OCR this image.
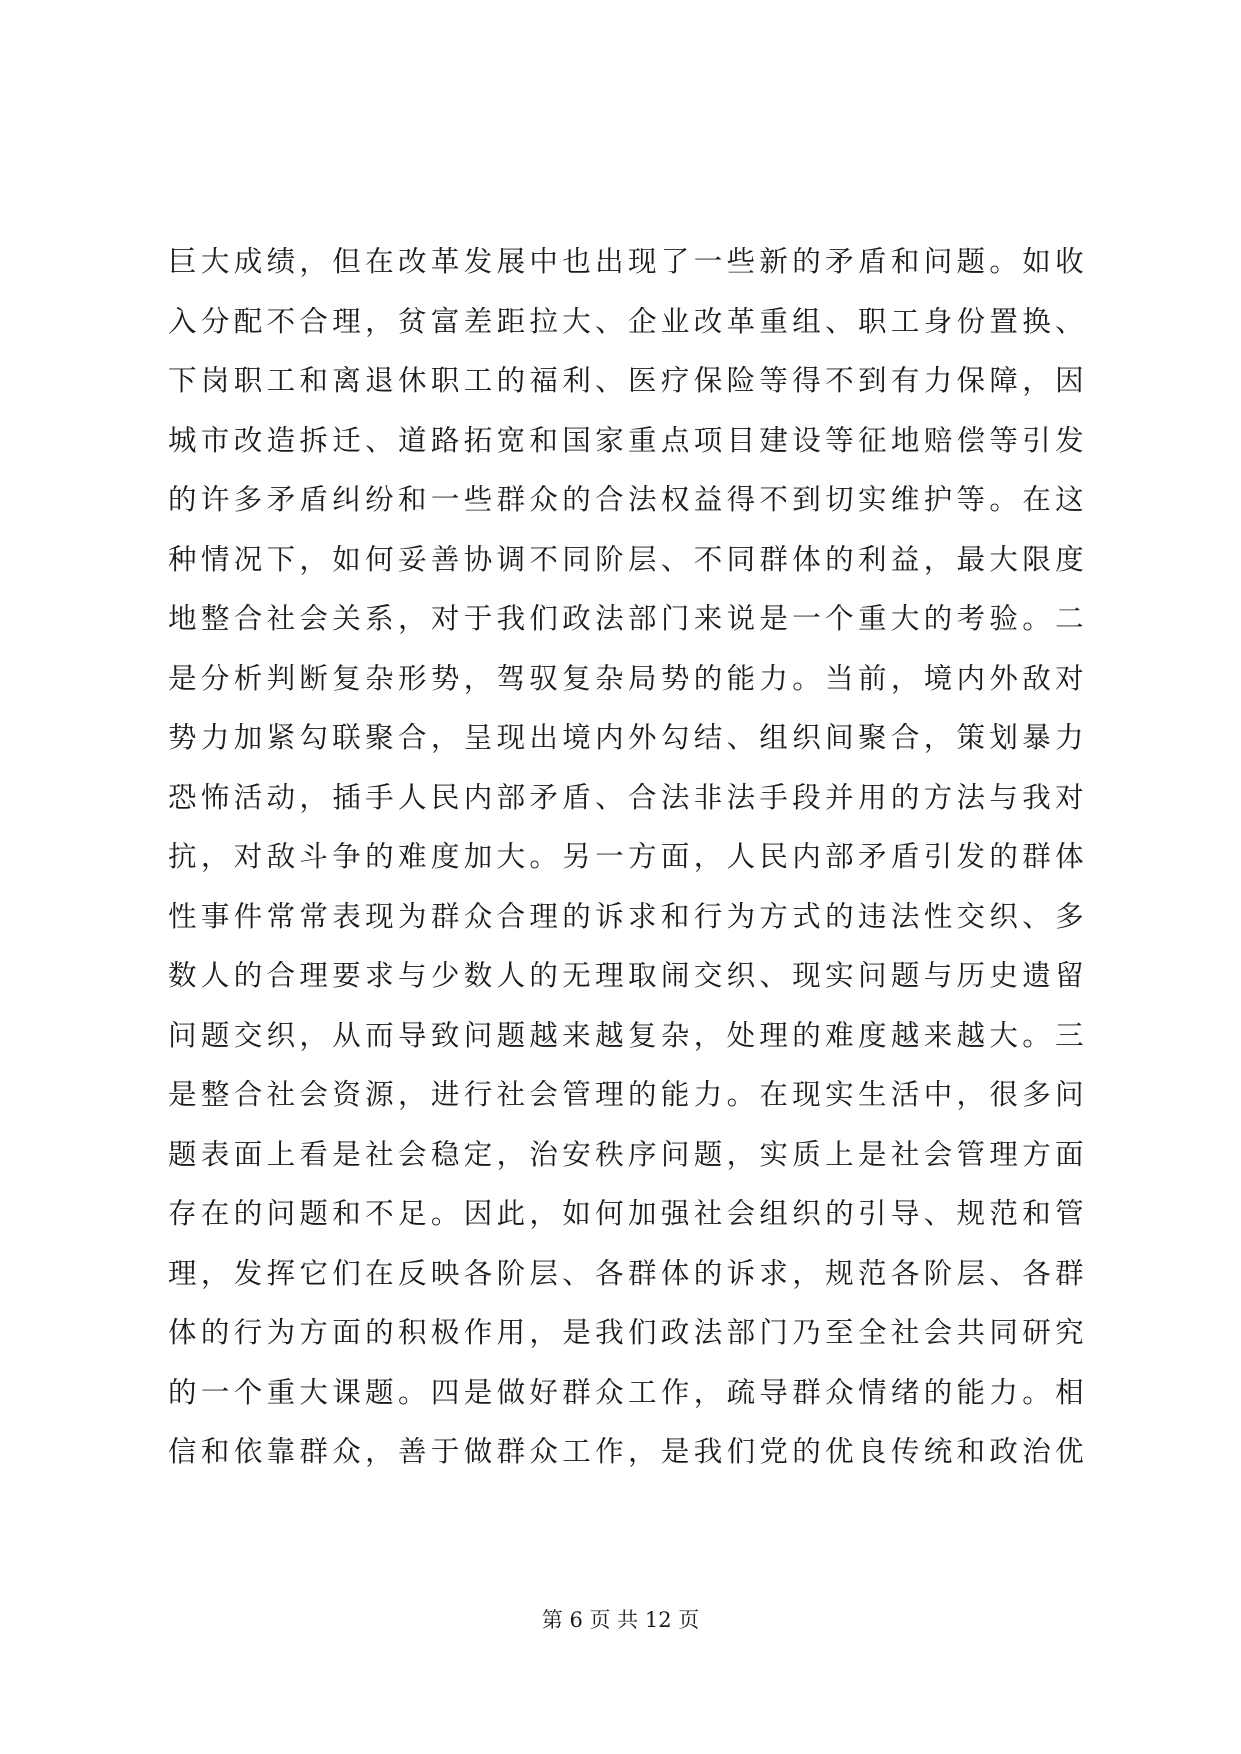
巨大成绩，但在改革发展中也出现了一些新的矛盾和问题。如收
入分配不合理，贫富差距拉大、企业改革重组、职工身份置换、
下岗职工和离退休职工的福利、医疗保险等得不到有力保障，因
城市改造拆迁、道路拓宽和国家重点项目建设等征地赔偿等引发
的许多矛盾纠纷和一些群众的合法权益得不到切实维护等。在这
种情况下，如何妥善协调不同阶层、不同群体的利益，最大限度
地整合社会关系，对于我们政法部门来说是一个重大的考验。二
是分析判断复杂形势，驾驭复杂局势的能力。当前，境内外敌对
势力加紧勾联聚合，呈现出境内外勾结、组织间聚合，策划暴力
恐怖活动，插手人民内部矛盾、合法非法手段并用的方法与我对
抗，对敌斗争的难度加大。另一方面，人民内部矛盾引发的群体
性事件常常表现为群众合理的诉求和行为方式的违法性交织、多
数人的合理要求与少数人的无理取闹交织、现实问题与历史遗留
问题交织，从而导致问题越来越复杂，处理的难度越来越大。三
是整合社会资源，进行社会管理的能力。在现实生活中，很多问
题表面上看是社会稳定，治安秩序问题，实质上是社会管理方面
存在的问题和不足。因此，如何加强社会组织的引导、规范和管
理，发挥它们在反映各阶层、各群体的诉求，规范各阶层、各群
体的行为方面的积极作用，是我们政法部门乃至全社会共同研究
的一个重大课题。四是做好群众工作，疏导群众情绪的能力。相
信和依靠群众，善于做群众工作，是我们党的优良传统和政治优
第 6 页 共 12 页
